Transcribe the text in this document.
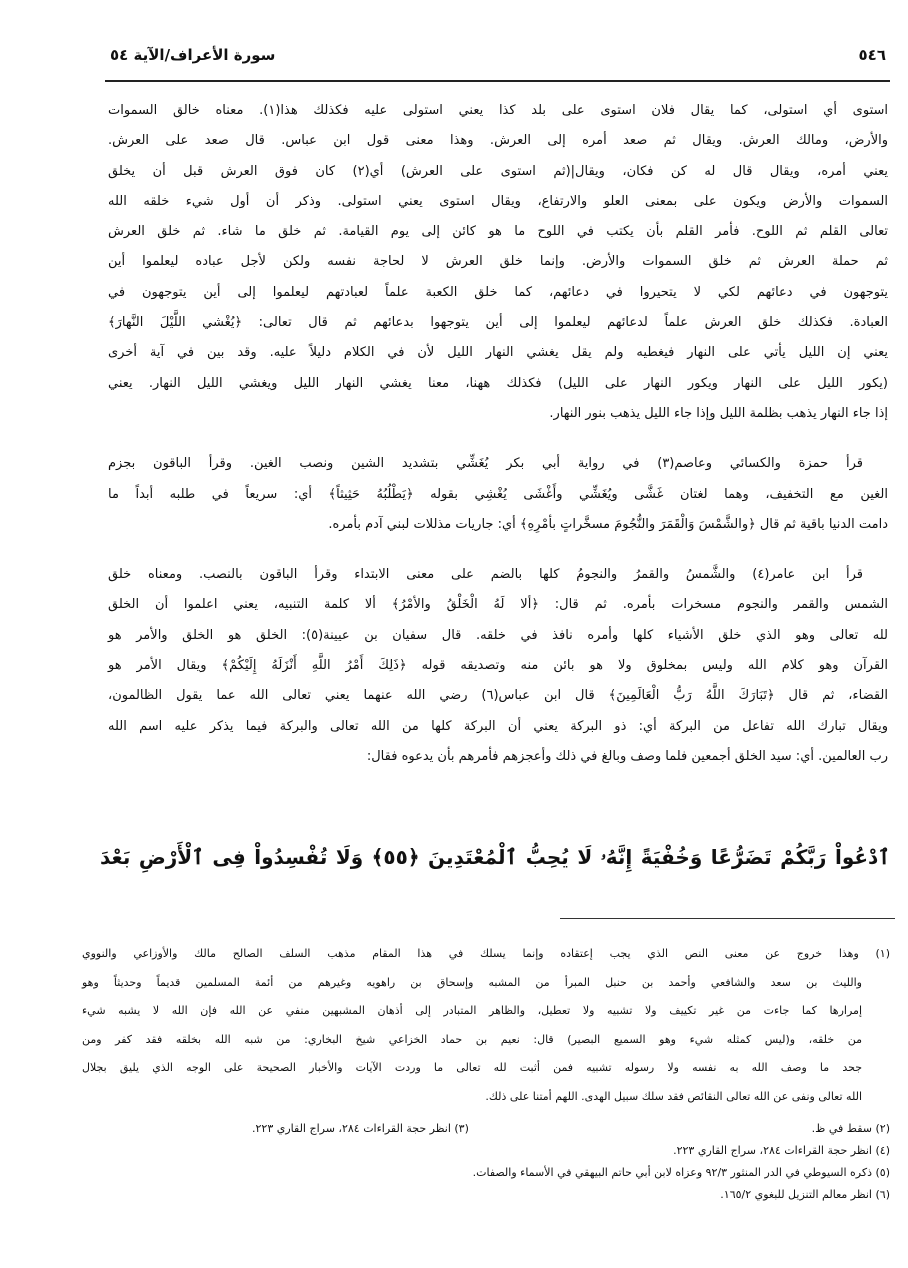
سورة الأعراف/الآية ٥٤	٥٤٦
استوى أي استولى، كما يقال فلان استوى على بلد كذا يعني استولى عليه فكذلك هذا(١). معناه خالق السموات
والأرض، ومالك العرش. ويقال ثم صعد أمره إلى العرش. وهذا معنى قول ابن عباس. قال صعد على العرش.
يعني أمره، ويقال قال له كن فكان، ويقال|(ثم استوى على العرش) أي(٢) كان فوق العرش قبل أن يخلق
السموات والأرض ويكون على بمعنى العلو والارتفاع، ويقال استوى يعني استولى. وذكر أن أول شيء خلقه الله
تعالى القلم ثم اللوح. فأمر القلم بأن يكتب في اللوح ما هو كائن إلى يوم القيامة. ثم خلق ما شاء. ثم خلق العرش
ثم حملة العرش ثم خلق السموات والأرض. وإنما خلق العرش لا لحاجة نفسه ولكن لأجل عباده ليعلموا أين
يتوجهون في دعائهم لكي لا يتحيروا في دعائهم، كما خلق الكعبة علماً لعبادتهم ليعلموا إلى أين يتوجهون في
العبادة. فكذلك خلق العرش علماً لدعائهم ليعلموا إلى أين يتوجهوا بدعائهم ثم قال تعالى: ﴿يُغْشي اللَّيْلَ النَّهارَ﴾
يعني إن الليل يأتي على النهار فيغطيه ولم يقل يغشي النهار الليل لأن في الكلام دليلاً عليه. وقد بين في آية أخرى
(يكور الليل على النهار ويكور النهار على الليل) فكذلك ههنا، معنا يغشي النهار الليل ويغشي الليل النهار. يعني
إذا جاء النهار يذهب بظلمة الليل وإذا جاء الليل يذهب بنور النهار.
قرأ حمزة والكسائي وعاصم(٣) في رواية أبي بكر يُغَشِّي بتشديد الشين ونصب الغين. وقرأ الباقون بجزم
الغين مع التخفيف، وهما لغتان غَشَّى ويُغَشِّي وأَغْشَى يُغْشِي بقوله ﴿يَطْلُبُهُ حَثِيثاً﴾ أي: سريعاً في طلبه أبداً ما
دامت الدنيا باقية ثم قال ﴿والشَّمْسَ وَالْقَمَرَ والنُّجُومَ مسخَّراتٍ بأمْرِهِ﴾ أي: جاريات مذللات لبني آدم بأمره.
قرأ ابن عامر(٤) والشَّمسُ والقمرُ والنجومُ كلها بالضم على معنى الابتداء وقرأ الباقون بالنصب. ومعناه خلق
الشمس والقمر والنجوم مسخرات بأمره. ثم قال: ﴿ألا لَهُ الْخَلْقُ والأمْرُ﴾ ألا كلمة التنبيه، يعني اعلموا أن الخلق
لله تعالى وهو الذي خلق الأشياء كلها وأمره نافذ في خلقه. قال سفيان بن عيينة(٥): الخلق هو الخلق والأمر هو
القرآن وهو كلام الله وليس بمخلوق ولا هو بائن منه وتصديقه قوله ﴿ذَلِكَ أَمْرُ اللَّهِ أَنْزَلَهُ إِلَيْكُمْ﴾ ويقال الأمر هو
القضاء، ثم قال ﴿تَبَارَكَ اللَّهُ رَبُّ الْعَالَمِينَ﴾ قال ابن عباس(٦) رضي الله عنهما يعني تعالى الله عما يقول الظالمون،
ويقال تبارك الله تفاعل من البركة أي: ذو البركة يعني أن البركة كلها من الله تعالى والبركة فيما يذكر عليه اسم الله
رب العالمين. أي: سيد الخلق أجمعين فلما وصف وبالغ في ذلك وأعجزهم فأمرهم بأن يدعوه فقال:
ٱدْعُواْ رَبَّكُمْ تَضَرُّعًا وَخُفْيَةً إِنَّهُۥ لَا يُحِبُّ ٱلْمُعْتَدِينَ ﴿٥٥﴾ وَلَا تُفْسِدُواْ فِى ٱلْأَرْضِ بَعْدَ
(١) وهذا خروج عن معنى النص الذي يجب إعتقاده وإنما يسلك في هذا المقام مذهب السلف الصالح مالك والأوزاعي والنووي
والليث بن سعد والشافعي وأحمد بن حنبل المبرأ من المشبه وإسحاق بن راهويه وغيرهم من أئمة المسلمين قديماً وحديثاً وهو
إمرارها كما جاءت من غير تكييف ولا تشبيه ولا تعطيل، والظاهر المتبادر إلى أذهان المشبهين منفي عن الله فإن الله لا يشبه شيء
من خلقه، و(ليس كمثله شيء وهو السميع البصير) قال: نعيم بن حماد الخزاعي شيخ البخاري: من شبه الله بخلقه فقد كفر ومن
جحد ما وصف الله به نفسه ولا رسوله تشبيه فمن أثبت لله تعالى ما وردت الآيات والأخبار الصحيحة على الوجه الذي يليق بجلال
الله تعالى ونفى عن الله تعالى النقائص فقد سلك سبيل الهدى. اللهم أمتنا على ذلك.
(٢) سقط في ظ.
(٣) انظر حجة القراءات ٢٨٤، سراج القاري ٢٢٣.
(٤) انظر حجة القراءات ٢٨٤، سراج القاري ٢٢٣.
(٥) ذكره السيوطي في الدر المنثور ٩٢/٣ وعزاه لابن أبي حاتم البيهقي في الأسماء والصفات.
(٦) انظر معالم التنزيل للبغوي ١٦٥/٢.
